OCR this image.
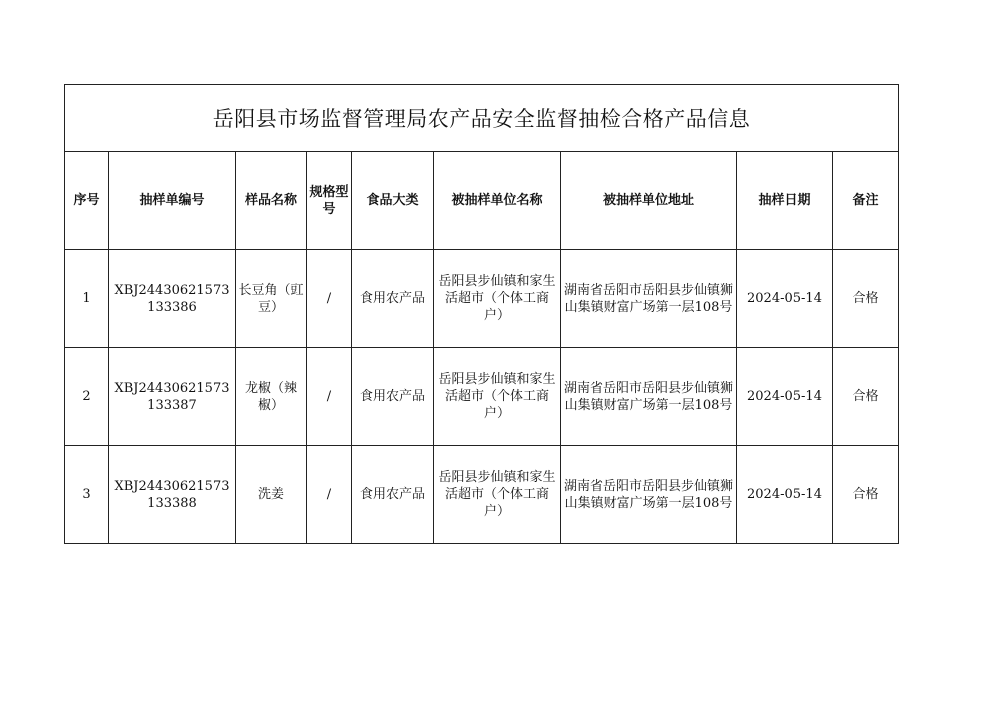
岳阳县市场监督管理局农产品安全监督抽检合格产品信息								
序号	抽样单编号	样品名称	规格型号	食品大类	被抽样单位名称	被抽样单位地址	抽样日期	备注
1	XBJ24430621573133386	长豆角（豇豆）	/	食用农产品	岳阳县步仙镇和家生活超市（个体工商户）	湖南省岳阳市岳阳县步仙镇狮山集镇财富广场第一层108号	2024-05-14	合格
2	XBJ24430621573133387	龙椒（辣椒）	/	食用农产品	岳阳县步仙镇和家生活超市（个体工商户）	湖南省岳阳市岳阳县步仙镇狮山集镇财富广场第一层108号	2024-05-14	合格
3	XBJ24430621573133388	洗姜	/	食用农产品	岳阳县步仙镇和家生活超市（个体工商户）	湖南省岳阳市岳阳县步仙镇狮山集镇财富广场第一层108号	2024-05-14	合格
